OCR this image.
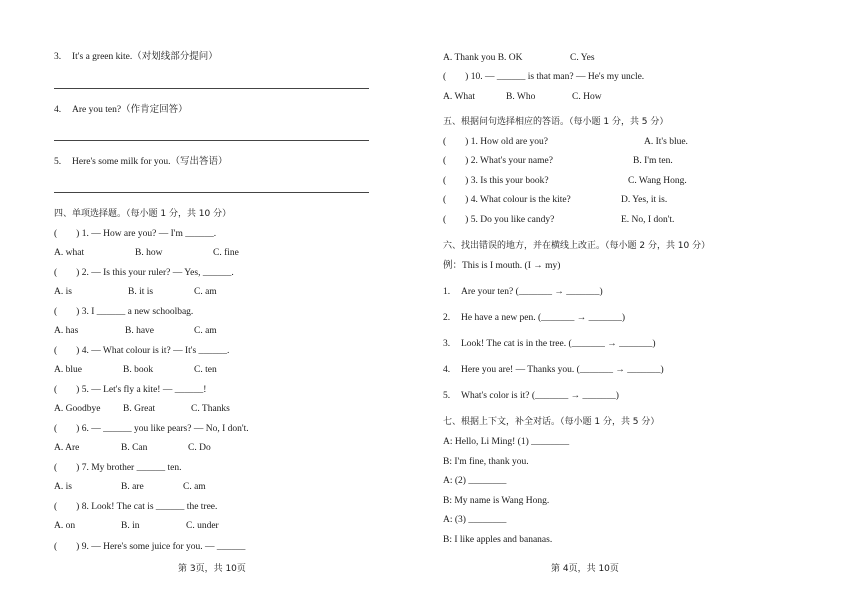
3. It's a green kite.（对划线部分提问）
4. Are you ten?（作肯定回答）
5. Here's some milk for you.（写出答语）
四、单项选择题。（每小题 1 分，共 10 分）
(　　) 1. — How are you? — I'm ______.
A. what	B. how	C. fine
(　　) 2. — Is this your ruler? — Yes, ______.
A. is	B. it is	C. am
(　　) 3. I ______ a new schoolbag.
A. has	B. have	C. am
(　　) 4. — What colour is it? — It's ______.
A. blue	B. book	C. ten
(　　) 5. — Let's fly a kite! — ______!
A. Goodbye B. Great	C. Thanks
(　　) 6. — ______ you like pears? — No, I don't.
A. Are	B. Can	C. Do
(　　) 7. My brother ______ ten.
A. is	B. are	C. am
(　　) 8. Look! The cat is ______ the tree.
A. on	B. in	C. under
(　　) 9. — Here's some juice for you. — ______
第 3页，共 10页
A. Thank you B. OK	C. Yes
(　　) 10. — ______ is that man? — He's my uncle.
A. What	B. Who	C. How
五、根据问句选择相应的答语。（每小题 1 分，共 5 分）
(　　) 1. How old are you?	A. It's blue.
(　　) 2. What's your name?	B. I'm ten.
(　　) 3. Is this your book?	C. Wang Hong.
(　　) 4. What colour is the kite?	D. Yes, it is.
(　　) 5. Do you like candy?	E. No, I don't.
六、找出错误的地方，并在横线上改正。（每小题 2 分，共 10 分）
例：This is I mouth. (I → my)
1. Are your ten? (_______ → _______)
2. He have a new pen. (_______ → _______)
3. Look! The cat is in the tree. (_______ → _______)
4. Here you are! — Thanks you. (_______ → _______)
5. What's color is it? (_______ → _______)
七、根据上下文，补全对话。（每小题 1 分，共 5 分）
A: Hello, Li Ming! (1) ________
B: I'm fine, thank you.
A: (2) ________
B: My name is Wang Hong.
A: (3) ________
B: I like apples and bananas.
第 4页，共 10页
